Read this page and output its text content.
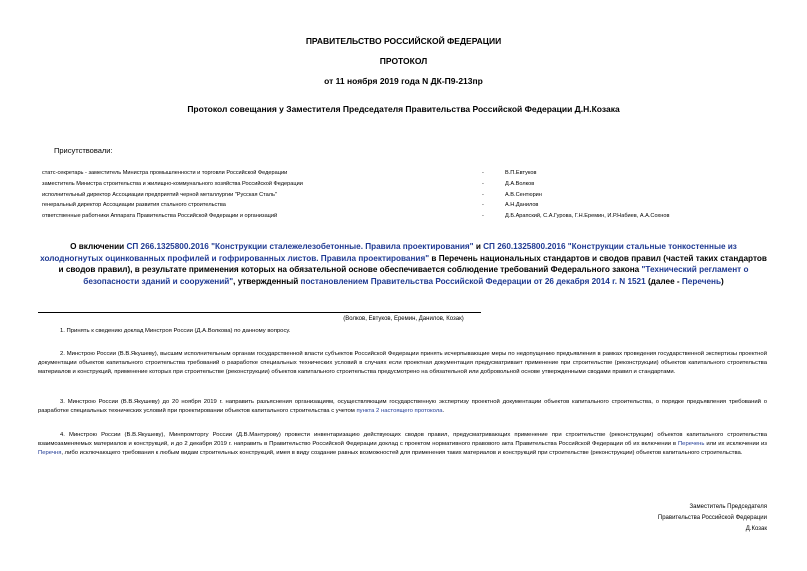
ПРАВИТЕЛЬСТВО РОССИЙСКОЙ ФЕДЕРАЦИИ
ПРОТОКОЛ
от 11 ноября 2019 года N ДК-П9-213пр
Протокол совещания у Заместителя Председателя Правительства Российской Федерации Д.Н.Козака
Присутствовали:
статс-секретарь - заместитель Министра промышленности и торговли Российской Федерации	-	В.П.Евтуков
заместитель Министра строительства и жилищно-коммунального хозяйства Российской Федерации	-	Д.А.Волков
исполнительный директор Ассоциации предприятий черной металлургии "Русская Сталь"	-	А.В.Сентюрин
генеральный директор Ассоциации развития стального строительства	-	А.Н.Данилов
ответственные работники Аппарата Правительства Российской Федерации и организаций	-	Д.Б.Арапский, С.А.Гурова, Г.Н.Еремин, И.Р.Набиев, А.А.Сохнов
О включении СП 266.1325800.2016 "Конструкции сталежелезобетонные. Правила проектирования" и СП 260.1325800.2016 "Конструкции стальные тонкостенные из холодногнутых оцинкованных профилей и гофрированных листов. Правила проектирования" в Перечень национальных стандартов и сводов правил (частей таких стандартов и сводов правил), в результате применения которых на обязательной основе обеспечивается соблюдение требований Федерального закона "Технический регламент о безопасности зданий и сооружений", утвержденный постановлением Правительства Российской Федерации от 26 декабря 2014 г. N 1521 (далее - Перечень)
(Волков, Евтуков, Еремин, Данилов, Козак)
1. Принять к сведению доклад Минстроя России (Д.А.Волкова) по данному вопросу.
2. Минстрою России (В.В.Якушеву), высшим исполнительным органам государственной власти субъектов Российской Федерации принять исчерпывающие меры по недопущению предъявления в рамках проведения государственной экспертизы проектной документации объектов капитального строительства требований о разработке специальных технических условий в случаях если проектная документация предусматривает применение при строительстве (реконструкции) объектов капитального строительства материалов и конструкций, применение которых при строительстве (реконструкции) объектов капитального строительства предусмотрено на обязательной или добровольной основе утвержденными сводами правил и стандартами.
3. Минстрою России (В.В.Якушеву) до 20 ноября 2019 г. направить разъяснения организациям, осуществляющим государственную экспертизу проектной документации объектов капитального строительства, о порядке предъявления требований о разработке специальных технических условий при проектировании объектов капитального строительства с учетом пункта 2 настоящего протокола.
4. Минстрою России (В.В.Якушеву), Минпромторгу России (Д.В.Мантурову) провести инвентаризацию действующих сводов правил, предусматривающих применение при строительстве (реконструкции) объектов капитального строительства взаимозаменяемых материалов и конструкций, и до 2 декабря 2019 г. направить в Правительство Российской Федерации доклад с проектом нормативного правового акта Правительства Российской Федерации об их включении в Перечень или их исключении из Перечня, либо исключающего требования к любым видам строительных конструкций, имея в виду создание равных возможностей для применения таких материалов и конструкций при строительстве (реконструкции) объектов капитального строительства.
Заместитель Председателя
Правительства Российской Федерации
Д.Козак
